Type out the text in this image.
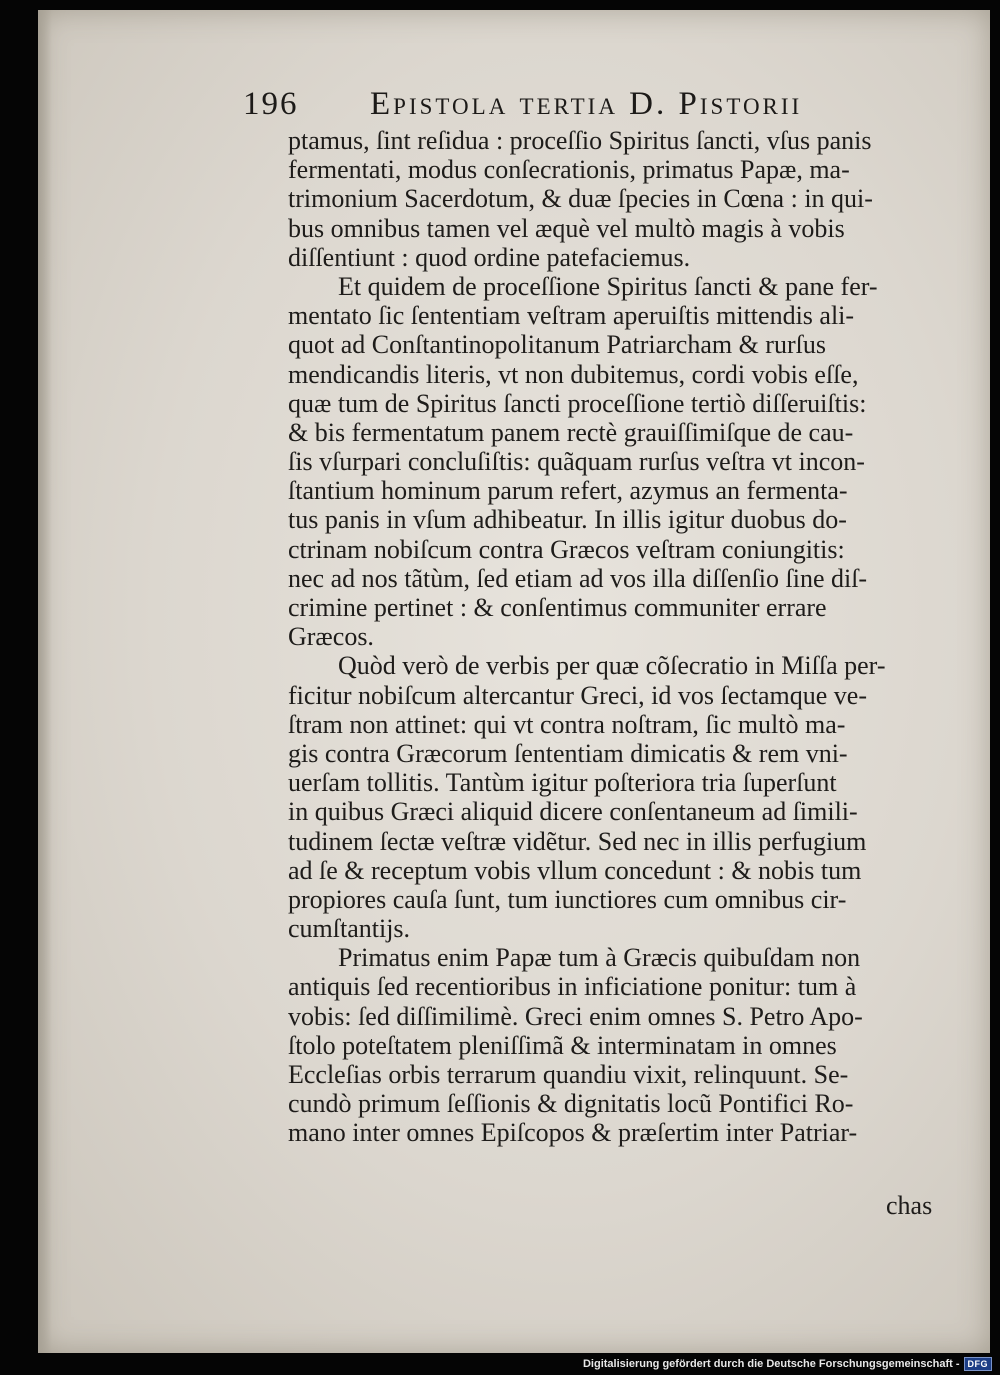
196 Epistola tertia D. Pistorii
ptamus, ſint reſidua : proceſſio Spiritus ſancti, vſus panis
fermentati, modus conſecrationis, primatus Papæ, ma-
trimonium Sacerdotum, & duæ ſpecies in Cœna : in qui-
bus omnibus tamen vel æquè vel multò magis à vobis
diſſentiunt : quod ordine patefaciemus.
Et quidem de proceſſione Spiritus ſancti & pane fer-
mentato ſic ſententiam veſtram aperuiſtis mittendis ali-
quot ad Conſtantinopolitanum Patriarcham & rurſus
mendicandis literis, vt non dubitemus, cordi vobis eſſe,
quæ tum de Spiritus ſancti proceſſione tertiò diſſeruiſtis:
& bis fermentatum panem rectè grauiſſimiſque de cau-
ſis vſurpari concluſiſtis: quãquam rurſus veſtra vt incon-
ſtantium hominum parum refert, azymus an fermenta-
tus panis in vſum adhibeatur. In illis igitur duobus do-
ctrinam nobiſcum contra Græcos veſtram coniungitis:
nec ad nos tãtùm, ſed etiam ad vos illa diſſenſio ſine diſ-
crimine pertinet : & conſentimus communiter errare
Græcos.
Quòd verò de verbis per quæ cõſecratio in Miſſa per-
ficitur nobiſcum altercantur Greci, id vos ſectamque ve-
ſtram non attinet: qui vt contra noſtram, ſic multò ma-
gis contra Græcorum ſententiam dimicatis & rem vni-
uerſam tollitis. Tantùm igitur poſteriora tria ſuperſunt
in quibus Græci aliquid dicere conſentaneum ad ſimili-
tudinem ſectæ veſtræ vidẽtur. Sed nec in illis perfugium
ad ſe & receptum vobis vllum concedunt : & nobis tum
propiores cauſa ſunt, tum iunctiores cum omnibus cir-
cumſtantijs.
Primatus enim Papæ tum à Græcis quibuſdam non
antiquis ſed recentioribus in inficiatione ponitur: tum à
vobis: ſed diſſimilimè. Greci enim omnes S. Petro Apo-
ſtolo poteſtatem pleniſſimã & interminatam in omnes
Eccleſias orbis terrarum quandiu vixit, relinquunt. Se-
cundò primum ſeſſionis & dignitatis locũ Pontifici Ro-
mano inter omnes Epiſcopos & præſertim inter Patriar-
chas
Digitalisierung gefördert durch die Deutsche Forschungsgemeinschaft - DFG
